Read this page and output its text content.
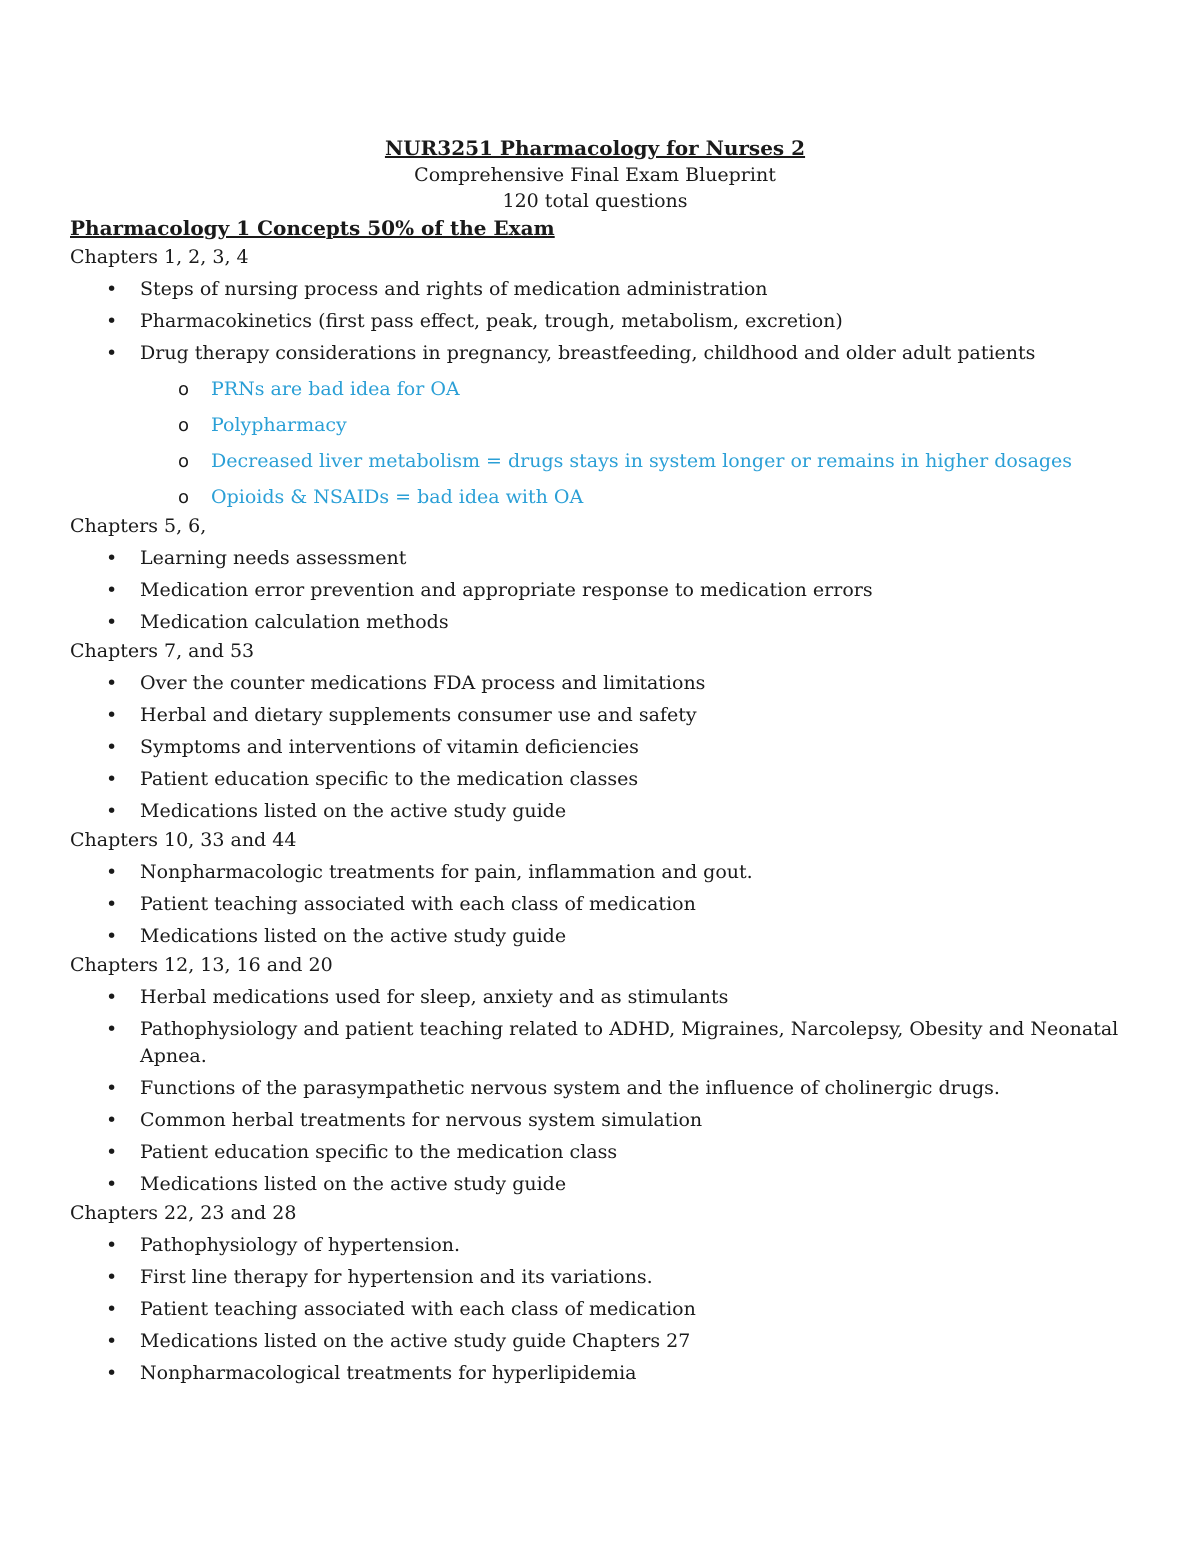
NUR3251 Pharmacology for Nurses 2

Comprehensive Final Exam Blueprint

120 total questions

Pharmacology 1 Concepts 50% of the Exam

Chapters 1, 2, 3, 4

• Steps of nursing process and rights of medication administration
• Pharmacokinetics (first pass effect, peak, trough, metabolism, excretion)
• Drug therapy considerations in pregnancy, breastfeeding, childhood and older adult patients
o PRNs are bad idea for OA
o Polypharmacy
o Decreased liver metabolism = drugs stays in system longer or remains in higher dosages
o Opioids & NSAIDs = bad idea with OA

Chapters 5, 6,

• Learning needs assessment
• Medication error prevention and appropriate response to medication errors
• Medication calculation methods

Chapters 7, and 53

• Over the counter medications FDA process and limitations
• Herbal and dietary supplements consumer use and safety
• Symptoms and interventions of vitamin deficiencies
• Patient education specific to the medication classes
• Medications listed on the active study guide

Chapters 10, 33 and 44

• Nonpharmacologic treatments for pain, inflammation and gout.
• Patient teaching associated with each class of medication
• Medications listed on the active study guide

Chapters 12, 13, 16 and 20

• Herbal medications used for sleep, anxiety and as stimulants
• Pathophysiology and patient teaching related to ADHD, Migraines, Narcolepsy, Obesity and Neonatal Apnea.
• Functions of the parasympathetic nervous system and the influence of cholinergic drugs.
• Common herbal treatments for nervous system simulation
• Patient education specific to the medication class
• Medications listed on the active study guide

Chapters 22, 23 and 28

• Pathophysiology of hypertension.
• First line therapy for hypertension and its variations.
• Patient teaching associated with each class of medication
• Medications listed on the active study guide Chapters 27
• Nonpharmacological treatments for hyperlipidemia
